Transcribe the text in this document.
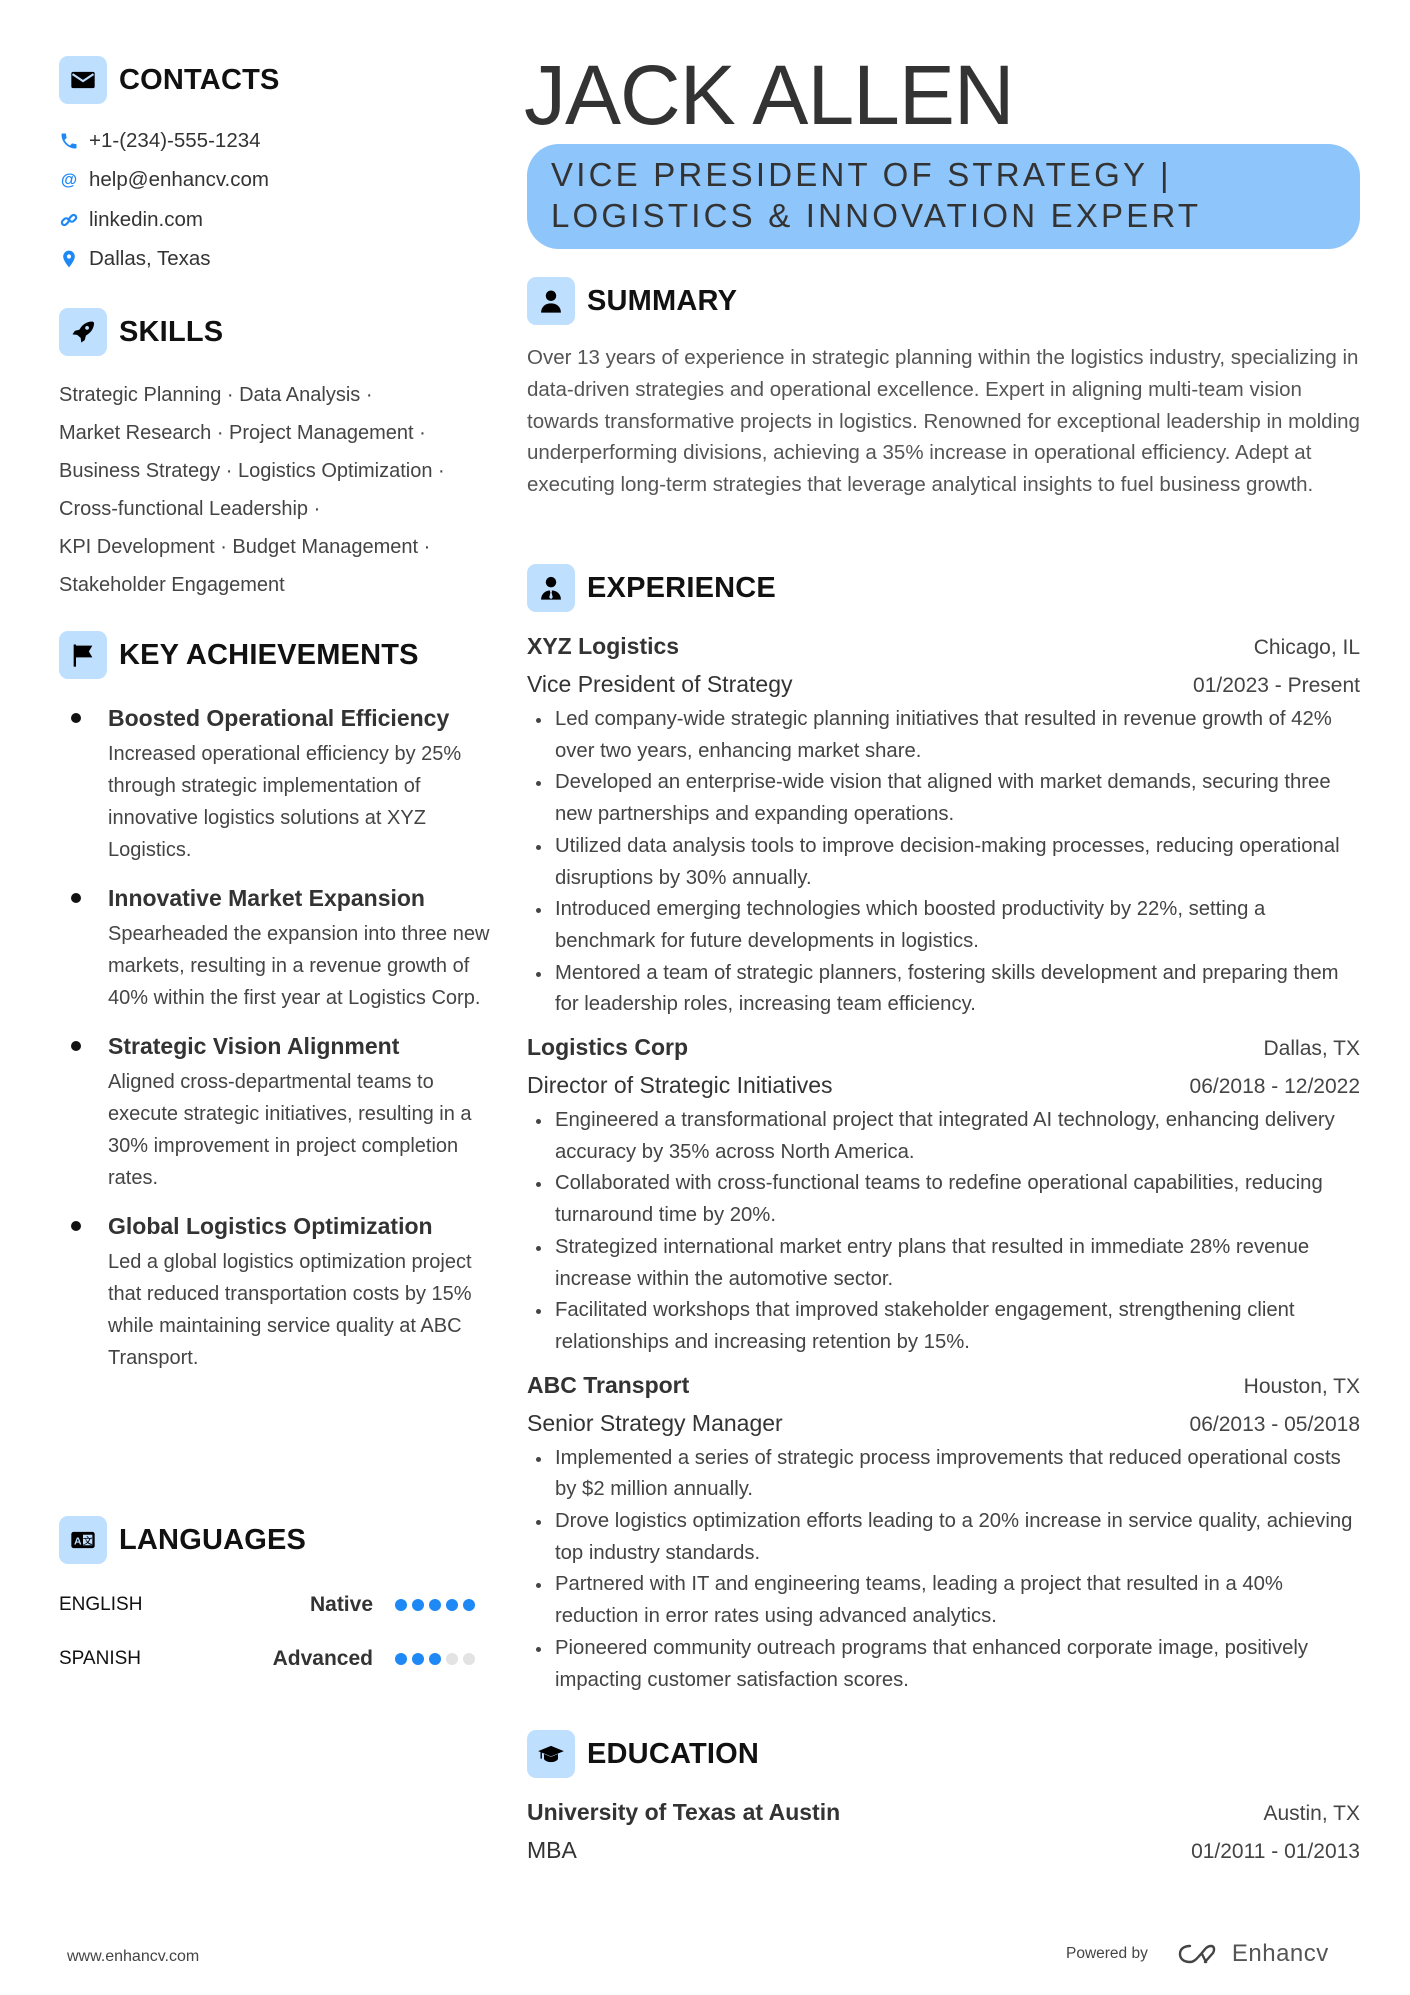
CONTACTS
+1-(234)-555-1234
@ help@enhancv.com
linkedin.com
Dallas, Texas
SKILLS
Strategic Planning · Data Analysis ·
Market Research · Project Management ·
Business Strategy · Logistics Optimization ·
Cross-functional Leadership ·
KPI Development · Budget Management ·
Stakeholder Engagement
KEY ACHIEVEMENTS
Boosted Operational Efficiency

Increased operational efficiency by 25% through strategic implementation of innovative logistics solutions at XYZ Logistics.

Innovative Market Expansion

Spearheaded the expansion into three new markets, resulting in a revenue growth of 40% within the first year at Logistics Corp.

Strategic Vision Alignment

Aligned cross-departmental teams to execute strategic initiatives, resulting in a 30% improvement in project completion rates.

Global Logistics Optimization

Led a global logistics optimization project that reduced transportation costs by 15% while maintaining service quality at ABC Transport.

A 文 LANGUAGES
ENGLISH	Native
SPANISH	Advanced
JACK ALLEN
VICE PRESIDENT OF STRATEGY |
LOGISTICS & INNOVATION EXPERT
SUMMARY

Over 13 years of experience in strategic planning within the logistics industry, specializing in data-driven strategies and operational excellence. Expert in aligning multi-team vision towards transformative projects in logistics. Renowned for exceptional leadership in molding underperforming divisions, achieving a 35% increase in operational efficiency. Adept at executing long-term strategies that leverage analytical insights to fuel business growth.

EXPERIENCE
XYZ Logistics	Chicago, IL
Vice President of Strategy	01/2023 - Present
Led company-wide strategic planning initiatives that resulted in revenue growth of 42% over two years, enhancing market share.
Developed an enterprise-wide vision that aligned with market demands, securing three new partnerships and expanding operations.
Utilized data analysis tools to improve decision-making processes, reducing operational disruptions by 30% annually.
Introduced emerging technologies which boosted productivity by 22%, setting a benchmark for future developments in logistics.
Mentored a team of strategic planners, fostering skills development and preparing them for leadership roles, increasing team efficiency.
Logistics Corp	Dallas, TX
Director of Strategic Initiatives	06/2018 - 12/2022
Engineered a transformational project that integrated AI technology, enhancing delivery accuracy by 35% across North America.
Collaborated with cross-functional teams to redefine operational capabilities, reducing turnaround time by 20%.
Strategized international market entry plans that resulted in immediate 28% revenue increase within the automotive sector.
Facilitated workshops that improved stakeholder engagement, strengthening client relationships and increasing retention by 15%.
ABC Transport	Houston, TX
Senior Strategy Manager	06/2013 - 05/2018
Implemented a series of strategic process improvements that reduced operational costs by $2 million annually.
Drove logistics optimization efforts leading to a 20% increase in service quality, achieving top industry standards.
Partnered with IT and engineering teams, leading a project that resulted in a 40% reduction in error rates using advanced analytics.
Pioneered community outreach programs that enhanced corporate image, positively impacting customer satisfaction scores.
EDUCATION
University of Texas at Austin	Austin, TX
MBA	01/2011 - 01/2013
www.enhancv.com	Powered by	Enhancv
